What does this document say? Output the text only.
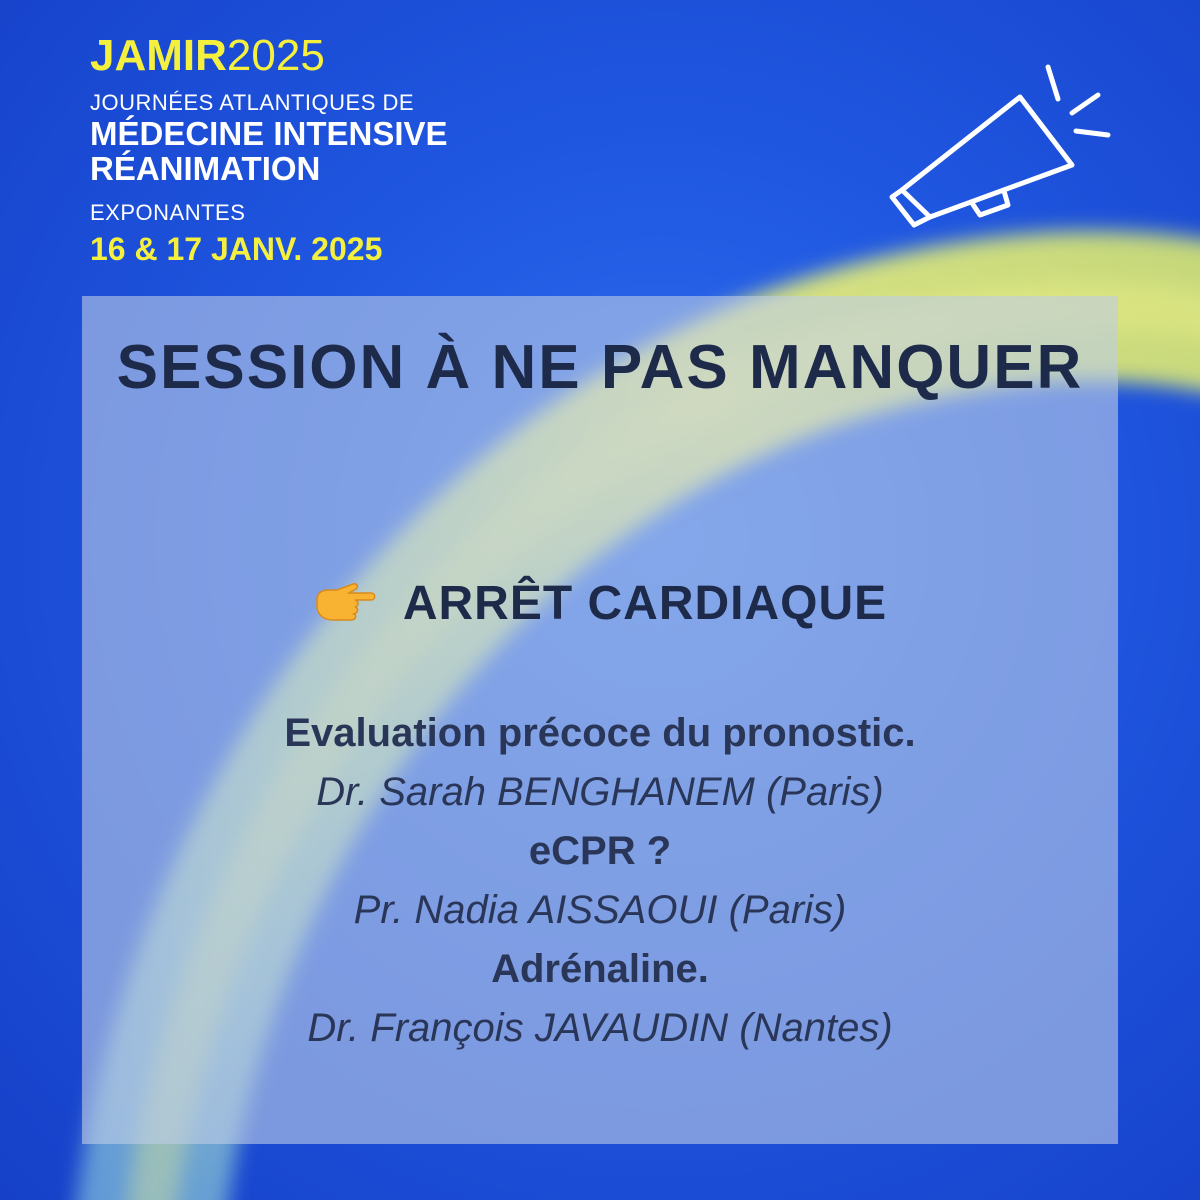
JAMIR2025
JOURNÉES ATLANTIQUES DE
MÉDECINE INTENSIVE
RÉANIMATION
EXPONANTES
16 & 17 JANV. 2025
SESSION À NE PAS MANQUER
ARRÊT CARDIAQUE
Evaluation précoce du pronostic.
Dr. Sarah BENGHANEM (Paris)
eCPR ?
Pr. Nadia AISSAOUI (Paris)
Adrénaline.
Dr. François JAVAUDIN (Nantes)
